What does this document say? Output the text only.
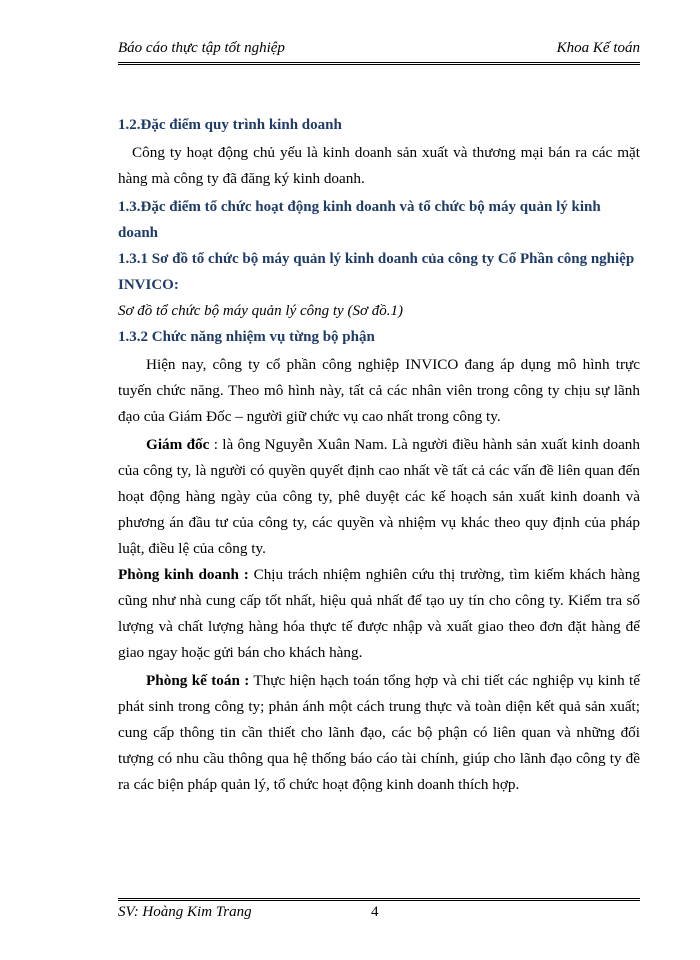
Báo cáo thực tập tốt nghiệp	Khoa Kế toán

1.2.Đặc điểm quy trình kinh doanh

Công ty hoạt động chủ yếu là kinh doanh sản xuất và thương mại bán ra các mặt hàng mà công ty đã đăng ký kinh doanh.

1.3.Đặc điểm tổ chức hoạt động kinh doanh và tổ chức bộ máy quản lý kinh doanh

1.3.1 Sơ đồ tổ chức bộ máy quản lý kinh doanh của công ty Cổ Phần công nghiệp INVICO:

Sơ đồ tổ chức bộ máy quản lý công ty (Sơ đồ.1)

1.3.2 Chức năng nhiệm vụ từng bộ phận

Hiện nay, công ty cổ phần công nghiệp INVICO đang áp dụng mô hình trực tuyến chức năng. Theo mô hình này, tất cả các nhân viên trong công ty chịu sự lãnh đạo của Giám Đốc – người giữ chức vụ cao nhất trong công ty.

Giám đốc : là ông Nguyễn Xuân Nam. Là người điều hành sản xuất kinh doanh của công ty, là người có quyền quyết định cao nhất về tất cả các vấn đề liên quan đến hoạt động hàng ngày của công ty, phê duyệt các kế hoạch sản xuất kinh doanh và phương án đầu tư của công ty, các quyền và nhiệm vụ khác theo quy định của pháp luật, điều lệ của công ty.

Phòng kinh doanh : Chịu trách nhiệm nghiên cứu thị trường, tìm kiếm khách hàng cũng như nhà cung cấp tốt nhất, hiệu quả nhất để tạo uy tín cho công ty. Kiểm tra số lượng và chất lượng hàng hóa thực tế được nhập và xuất giao theo đơn đặt hàng để giao ngay hoặc gửi bán cho khách hàng.

Phòng kế toán : Thực hiện hạch toán tổng hợp và chi tiết các nghiệp vụ kinh tế phát sinh trong công ty; phản ánh một cách trung thực và toàn diện kết quả sản xuất; cung cấp thông tin cần thiết cho lãnh đạo, các bộ phận có liên quan và những đối tượng có nhu cầu thông qua hệ thống báo cáo tài chính, giúp cho lãnh đạo công ty đề ra các biện pháp quản lý, tổ chức hoạt động kinh doanh thích hợp.

SV: Hoàng Kim Trang	4
